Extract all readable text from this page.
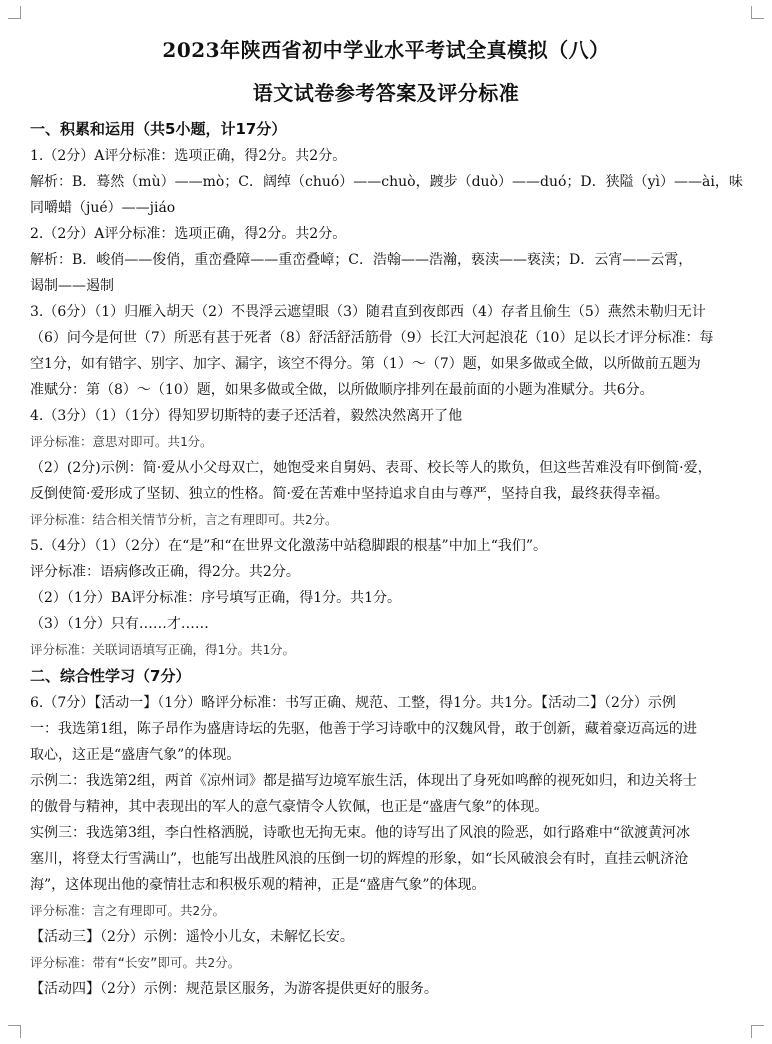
2023年陕西省初中学业水平考试全真模拟（八）
语文试卷参考答案及评分标准

一、积累和运用（共5小题，计17分）

1.（2分）A评分标准：选项正确，得2分。共2分。

解析：B．蓦然（mù）——mò；C．阔绰（chuó）——chuò，踱步（duò）——duó；D．狭隘（yì）——ài，味

同嚼蜡（jué）——jiáo

2.（2分）A评分标准：选项正确，得2分。共2分。

解析：B．峻俏——俊俏，重峦叠障——重峦叠嶂；C．浩翰——浩瀚，亵渎——亵渎；D．云宵——云霄，

谒制——遏制

3.（6分）（1）归雁入胡天（2）不畏浮云遮望眼（3）随君直到夜郎西（4）存者且偷生（5）燕然未勒归无计

（6）问今是何世（7）所恶有甚于死者（8）舒活舒活筋骨（9）长江大河起浪花（10）足以长才评分标准：每

空1分，如有错字、别字、加字、漏字，该空不得分。第（1）～（7）题，如果多做或全做，以所做前五题为

准赋分：第（8）～（10）题，如果多做或全做，以所做顺序排列在最前面的小题为准赋分。共6分。

4.（3分）（1）（1分）得知罗切斯特的妻子还活着，毅然决然离开了他

评分标准：意思对即可。共1分。

（2）(2分)示例：简·爱从小父母双亡，她饱受来自舅妈、表哥、校长等人的欺负，但这些苦难没有吓倒简·爱，

反倒使简·爱形成了坚韧、独立的性格。简·爱在苦难中坚持追求自由与尊严，坚持自我，最终获得幸福。

评分标准：结合相关情节分析，言之有理即可。共2分。

5.（4分）（1）（2分）在“是”和“在世界文化激荡中站稳脚跟的根基”中加上“我们”。

评分标准：语病修改正确，得2分。共2分。

（2）（1分）BA评分标准：序号填写正确，得1分。共1分。

（3）（1分）只有……才……

评分标准：关联词语填写正确，得1分。共1分。

二、综合性学习（7分）

6.（7分）【活动一】（1分）略评分标准：书写正确、规范、工整，得1分。共1分。【活动二】（2分）示例

一：我选第1组，陈子昂作为盛唐诗坛的先驱，他善于学习诗歌中的汉魏风骨，敢于创新，藏着豪迈高远的进

取心，这正是“盛唐气象”的体现。

示例二：我选第2组，两首《凉州词》都是描写边境军旅生活，体现出了身死如鸣醉的视死如归，和边关将士

的傲骨与精神，其中表现出的军人的意气豪情令人钦佩，也正是“盛唐气象”的体现。

实例三：我选第3组，李白性格洒脱，诗歌也无拘无束。他的诗写出了风浪的险恶，如行路难中“欲渡黄河冰

塞川，将登太行雪满山”，也能写出战胜风浪的压倒一切的辉煌的形象，如“长风破浪会有时，直挂云帆济沧

海”，这体现出他的豪情壮志和积极乐观的精神，正是“盛唐气象”的体现。

评分标准：言之有理即可。共2分。

【活动三】（2分）示例：遥怜小儿女，未解忆长安。

评分标准：带有“长安”即可。共2分。

【活动四】（2分）示例：规范景区服务，为游客提供更好的服务。
